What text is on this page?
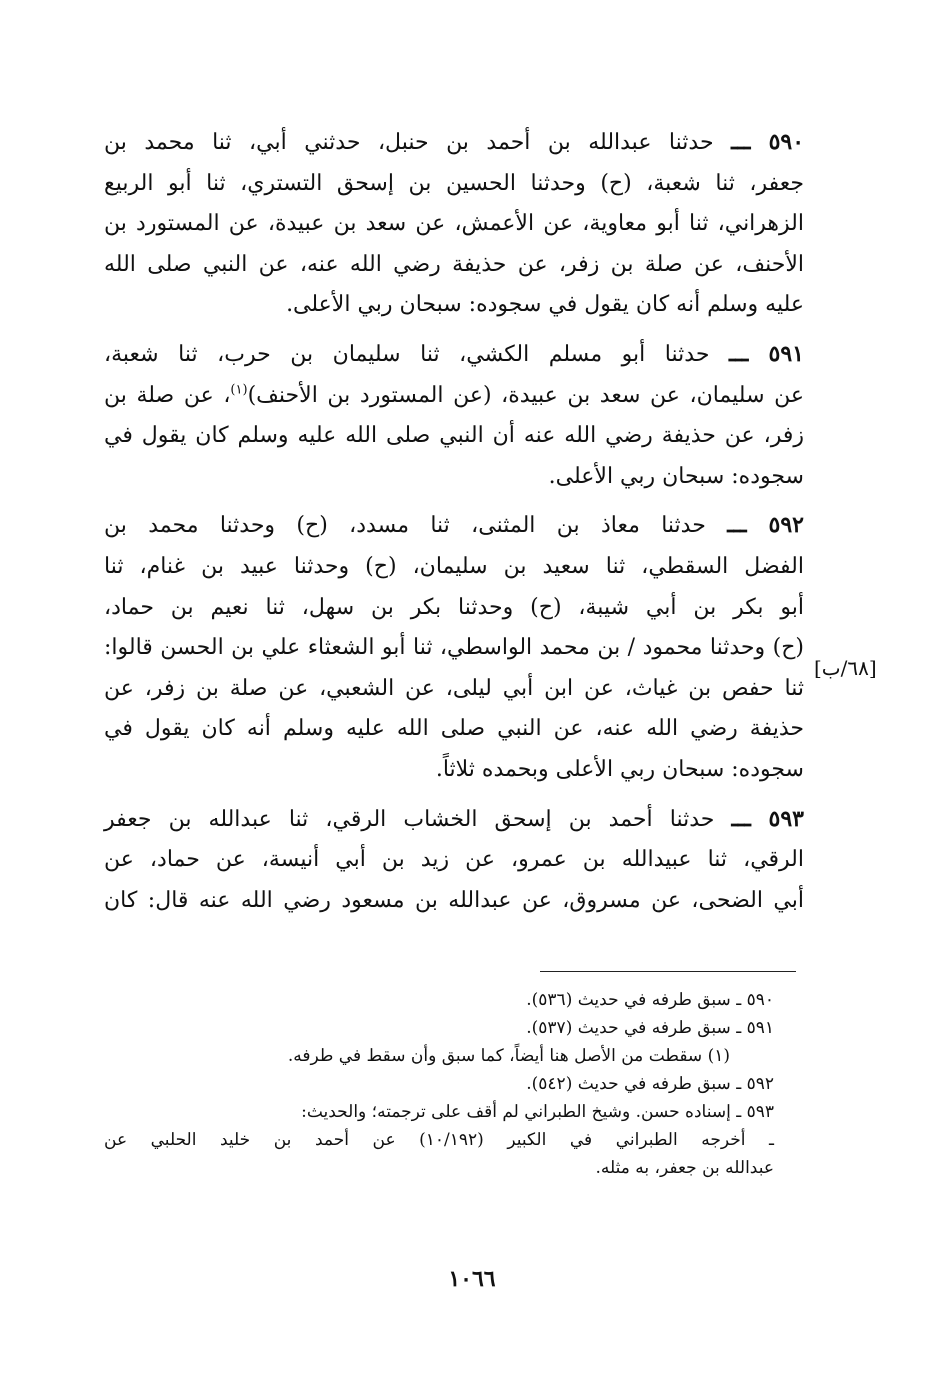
٥٩٠ ـــ حدثنا عبدالله بن أحمد بن حنبل، حدثني أبي، ثنا محمد بن
جعفر، ثنا شعبة، (ح) وحدثنا الحسين بن إسحق التستري، ثنا أبو الربيع
الزهراني، ثنا أبو معاوية، عن الأعمش، عن سعد بن عبيدة، عن المستورد بن
الأحنف، عن صلة بن زفر، عن حذيفة رضي الله عنه، عن النبي صلى الله
عليه وسلم أنه كان يقول في سجوده: سبحان ربي الأعلى.
٥٩١ ـــ حدثنا أبو مسلم الكشي، ثنا سليمان بن حرب، ثنا شعبة،
عن سليمان، عن سعد بن عبيدة، (عن المستورد بن الأحنف)$^{(١)}$، عن صلة بن
زفر، عن حذيفة رضي الله عنه أن النبي صلى الله عليه وسلم كان يقول في
سجوده: سبحان ربي الأعلى.
٥٩٢ ـــ حدثنا معاذ بن المثنى، ثنا مسدد، (ح) وحدثنا محمد بن
الفضل السقطي، ثنا سعيد بن سليمان، (ح) وحدثنا عبيد بن غنام، ثنا
أبو بكر بن أبي شيبة، (ح) وحدثنا بكر بن سهل، ثنا نعيم بن حماد،
(ح) وحدثنا محمود / بن محمد الواسطي، ثنا أبو الشعثاء علي بن الحسن قالوا:
ثنا حفص بن غياث، عن ابن أبي ليلى، عن الشعبي، عن صلة بن زفر، عن
حذيفة رضي الله عنه، عن النبي صلى الله عليه وسلم أنه كان يقول في
سجوده: سبحان ربي الأعلى وبحمده ثلاثاً.
٥٩٣ ـــ حدثنا أحمد بن إسحق الخشاب الرقي، ثنا عبدالله بن جعفر
الرقي، ثنا عبيدالله بن عمرو، عن زيد بن أبي أنيسة، عن حماد، عن
أبي الضحى، عن مسروق، عن عبدالله بن مسعود رضي الله عنه قال: كان
[٦٨/ب]
٥٩٠ ـ سبق طرفه في حديث (٥٣٦).
٥٩١ ـ سبق طرفه في حديث (٥٣٧).
(١) سقطت من الأصل هنا أيضاً، كما سبق وأن سقط في طرفه.
٥٩٢ ـ سبق طرفه في حديث (٥٤٢).
٥٩٣ ـ إسناده حسن. وشيخ الطبراني لم أقف على ترجمته؛ والحديث:
ـ أخرجه الطبراني في الكبير (١٠/١٩٢) عن أحمد بن خليد الحلبي عن
عبدالله بن جعفر، به مثله.
١٠٦٦
